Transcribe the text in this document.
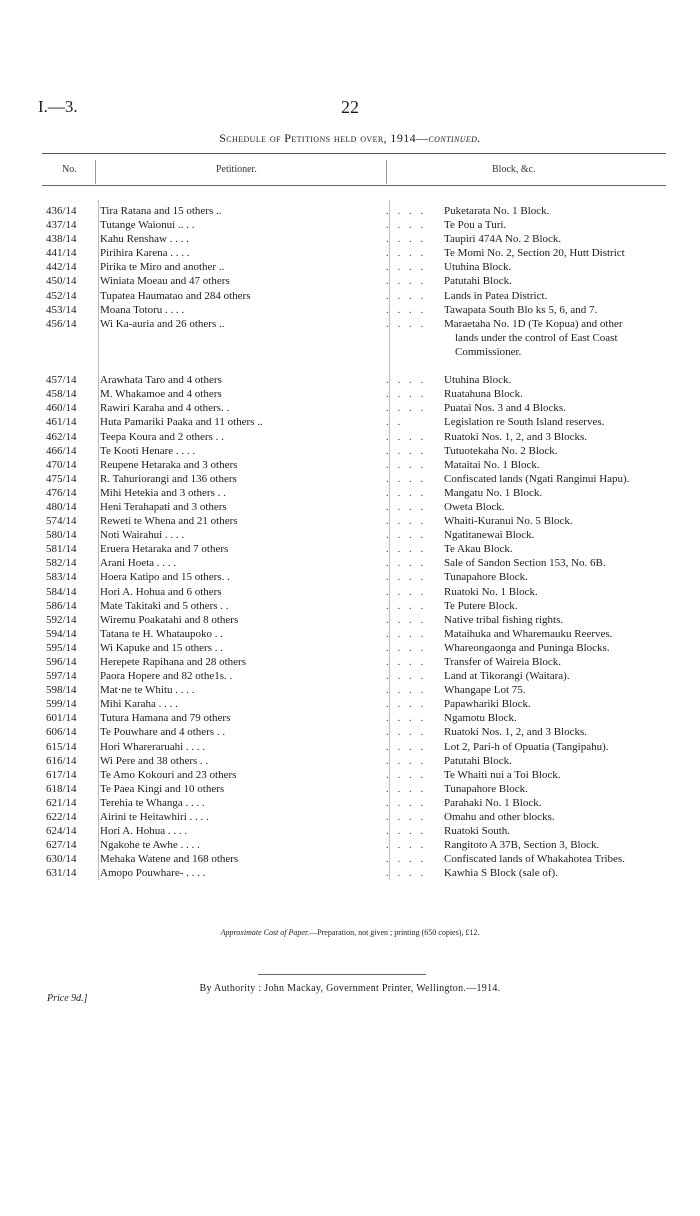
I.—3.	22
Schedule of Petitions held over, 1914—continued.
No.	Petitioner.	Block, &c.
436/14	Tira Ratana and 15 others ..	. . . .	Puketarata No. 1 Block.
437/14	Tutange Waionui .. . .	. . . .	Te Pou a Turi.
438/14	Kahu Renshaw . . . .	. . . .	Taupiri 474A No. 2 Block.
441/14	Pirihira Karena . . . .	. . . .	Te Momi No. 2, Section 20, Hutt District
442/14	Pirika te Miro and another ..	. . . .	Utuhina Block.
450/14	Winiata Moeau and 47 others	. . . .	Patutahi Block.
452/14	Tupatea Haumatao and 284 others	. . . .	Lands in Patea District.
453/14	Moana Totoru . . . .	. . . .	Tawapata South Blo ks 5, 6, and 7.
456/14	Wi Ka-auria and 26 others ..	. . . .	Maraetaha No. 1D (Te Kopua) and other
lands under the control of East Coast
Commissioner.
457/14	Arawhata Taro and 4 others	. . . .	Utuhina Block.
458/14	M. Whakamoe and 4 others	. . . .	Ruatahuna Block.
460/14	Rawiri Karaha and 4 others. .	. . . .	Puatai Nos. 3 and 4 Blocks.
461/14	Huta Pamariki Paaka and 11 others ..	. .	Legislation re South Island reserves.
462/14	Teepa Koura and 2 others . .	. . . .	Ruatoki Nos. 1, 2, and 3 Blocks.
466/14	Te Kooti Henare . . . .	. . . .	Tutuotekaha No. 2 Block.
470/14	Reupene Hetaraka and 3 others	. . . .	Mataitai No. 1 Block.
475/14	R. Tahuriorangi and 136 others	. . . .	Confiscated lands (Ngati Ranginui Hapu).
476/14	Mihi Hetekia and 3 others . .	. . . .	Mangatu No. 1 Block.
480/14	Heni Terahapati and 3 others	. . . .	Oweta Block.
574/14	Reweti te Whena and 21 others	. . . .	Whaiti-Kuranui No. 5 Block.
580/14	Noti Wairahui . . . .	. . . .	Ngatitanewai Block.
581/14	Eruera Hetaraka and 7 others	. . . .	Te Akau Block.
582/14	Arani Hoeta . . . .	. . . .	Sale of Sandon Section 153, No. 6B.
583/14	Hoera Katipo and 15 others. .	. . . .	Tunapahore Block.
584/14	Hori A. Hohua and 6 others	. . . .	Ruatoki No. 1 Block.
586/14	Mate Takitaki and 5 others . .	. . . .	Te Putere Block.
592/14	Wiremu Poakatahi and 8 others	. . . .	Native tribal fishing rights.
594/14	Tatana te H. Whataupoko . .	. . . .	Mataihuka and Wharemauku Reerves.
595/14	Wi Kapuke and 15 others . .	. . . .	Whareongaonga and Puninga Blocks.
596/14	Herepete Rapihana and 28 others	. . . .	Transfer of Waireia Block.
597/14	Paora Hopere and 82 othe1s. .	. . . .	Land at Tikorangi (Waitara).
598/14	Mat·ne te Whitu . . . .	. . . .	Whangape Lot 75.
599/14	Mihi Karaha . . . .	. . . .	Papawhariki Block.
601/14	Tutura Hamana and 79 others	. . . .	Ngamotu Block.
606/14	Te Pouwhare and 4 others . .	. . . .	Ruatoki Nos. 1, 2, and 3 Blocks.
615/14	Hori Whareraruahi . . . .	. . . .	Lot 2, Pari-h of Opuatia (Tangipahu).
616/14	Wi Pere and 38 others . .	. . . .	Patutahi Block.
617/14	Te Amo Kokouri and 23 others	. . . .	Te Whaiti nui a Toi Block.
618/14	Te Paea Kingi and 10 others	. . . .	Tunapahore Block.
621/14	Terehia te Whanga . . . .	. . . .	Parahaki No. 1 Block.
622/14	Airini te Heitawhiri . . . .	. . . .	Omahu and other blocks.
624/14	Hori A. Hohua . . . .	. . . .	Ruatoki South.
627/14	Ngakohe te Awhe . . . .	. . . .	Rangitoto A 37B, Section 3, Block.
630/14	Mehaka Watene and 168 others	. . . .	Confiscated lands of Whakahotea Tribes.
631/14	Amopo Pouwhare- . . . .	. . . .	Kawhia S Block (sale of).
Approximate Cost of Paper.—Preparation, not given ; printing (650 copies), £12.
By Authority : John Mackay, Government Printer, Wellington.—1914.
Price 9d.]
